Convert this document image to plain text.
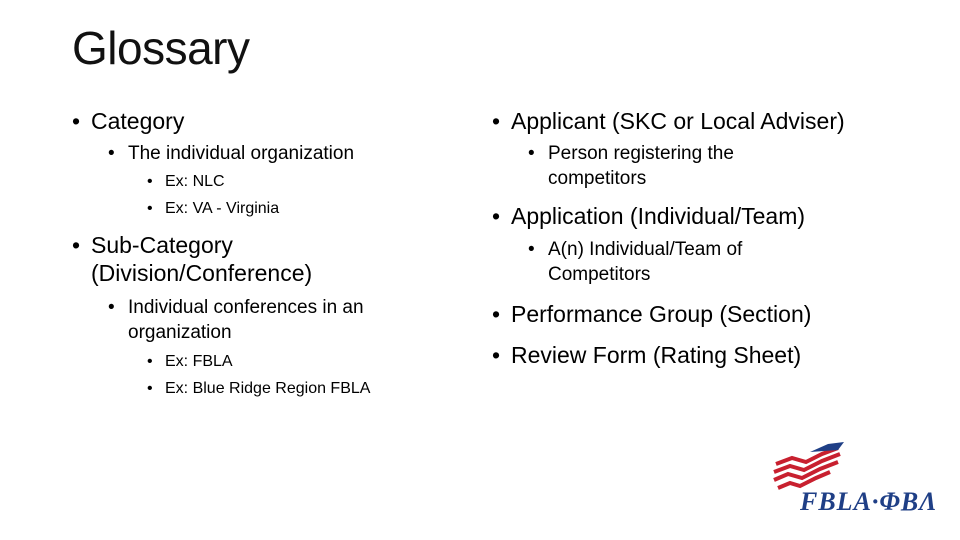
Glossary
• Category
• The individual organization
• Ex: NLC
• Ex: VA - Virginia
• Sub-Category
(Division/Conference)
• Individual conferences in an
organization
• Ex: FBLA
• Ex: Blue Ridge Region FBLA
• Applicant (SKC or Local Adviser)
• Person registering the
competitors
• Application (Individual/Team)
• A(n) Individual/Team of
Competitors
• Performance Group (Section)
• Review Form (Rating Sheet)
FBLA·ΦΒΛ
